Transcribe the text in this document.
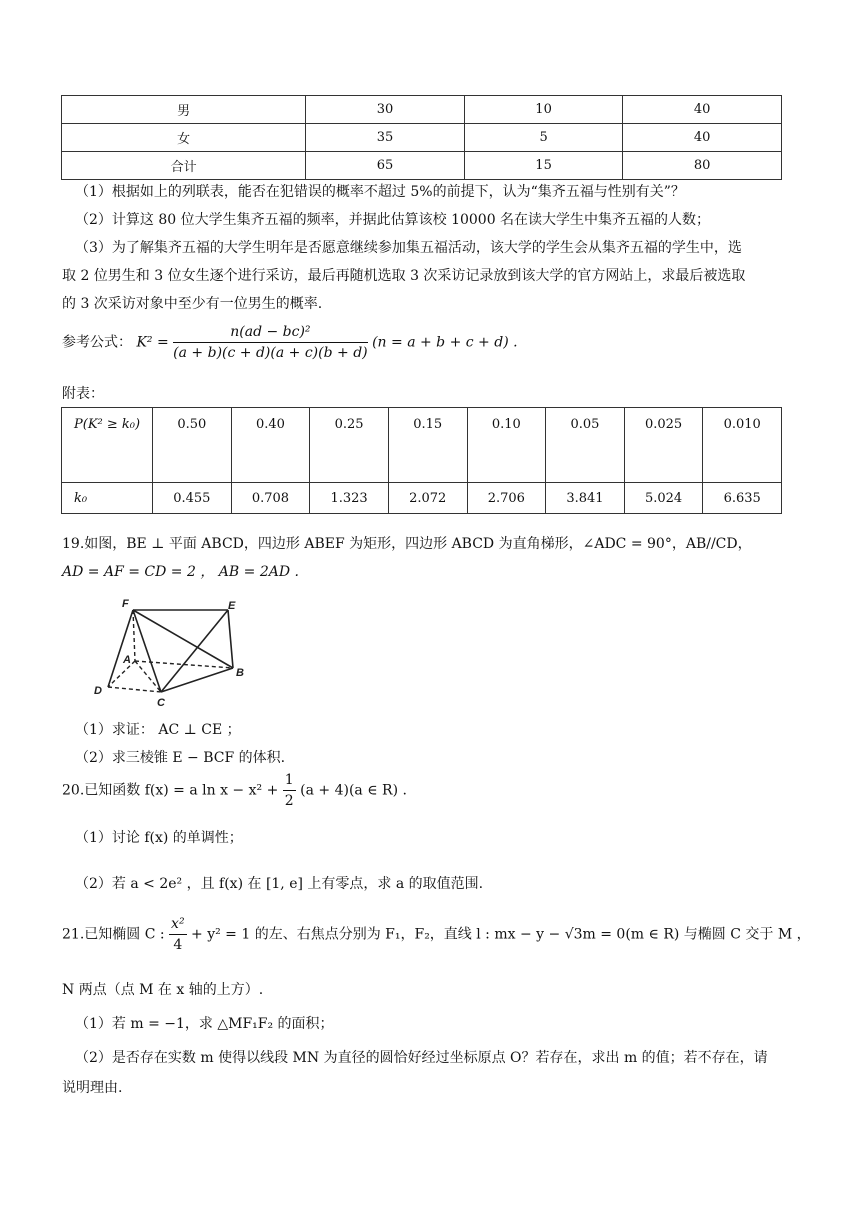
男	30	10	40
女	35	5	40
合计	65	15	80
（1）根据如上的列联表，能否在犯错误的概率不超过 5%的前提下，认为“集齐五福与性别有关”？
（2）计算这 80 位大学生集齐五福的频率，并据此估算该校 10000 名在读大学生中集齐五福的人数；
（3）为了解集齐五福的大学生明年是否愿意继续参加集五福活动，该大学的学生会从集齐五福的学生中，选
取 2 位男生和 3 位女生逐个进行采访，最后再随机选取 3 次采访记录放到该大学的官方网站上，求最后被选取
的 3 次采访对象中至少有一位男生的概率.
参考公式： $K^2 = \frac{\text{n(ad − bc)²}}{(a + b)(c + d)(a + c)(b + d)} (n = a + b + c + d)$ .
附表：
P(K² ≥ k₀)	0.50	0.40	0.25	0.15	0.10	0.05	0.025	0.010
k₀	0.455	0.708	1.323	2.072	2.706	3.841	5.024	6.635
19.如图，BE ⊥ 平面 ABCD，四边形 ABEF 为矩形，四边形 ABCD 为直角梯形，∠ADC = 90°，AB//CD，
AD = AF = CD = 2 ， AB = 2AD .
F	E
A
B
D
C
（1）求证： AC ⊥ CE ；
（2）求三棱锥 E − BCF 的体积.
20.已知函数 f(x) = a $\ln x - x^2 + \frac{1}{2} (a + 4)(a$ ∈ R) .
（1）讨论 f(x) 的单调性；
（2）若 a < 2e² ，且 f(x) 在 [1, e] 上有零点，求 a 的取值范围.
21.已知椭圆 C : $\frac{\text{x²}}{4} + y^2 = 1$ 的左、右焦点分别为 F₁，F₂，直线 l : mx − y − √3m = 0(m ∈ R) 与椭圆 C 交于 M ，
N 两点（点 M 在 x 轴的上方）.
（1）若 m = −1，求 △MF₁F₂ 的面积；
（2）是否存在实数 m 使得以线段 MN 为直径的圆恰好经过坐标原点 O？若存在，求出 m 的值；若不存在，请
说明理由.
